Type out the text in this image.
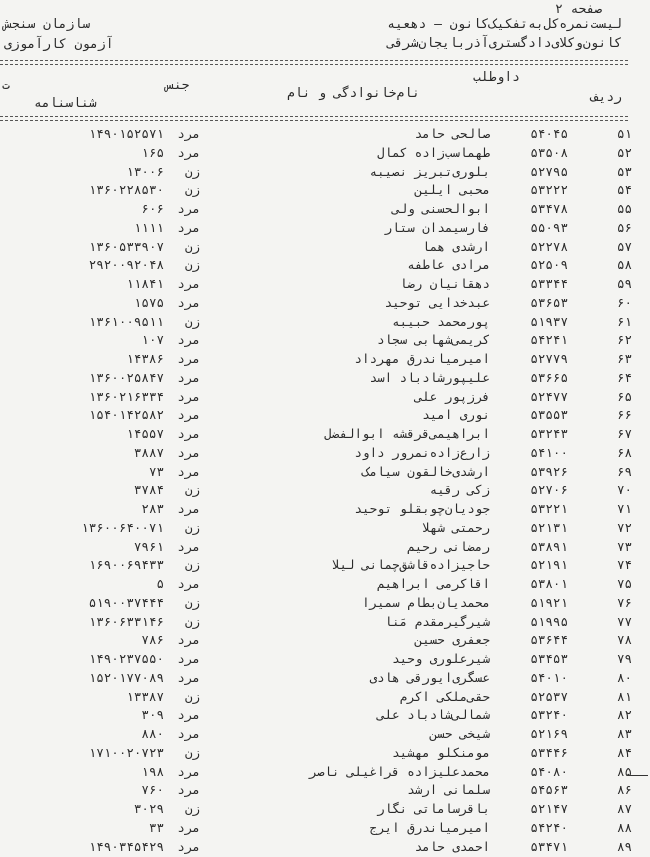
صفحه ۲
لیست‌نمره‌کل‌به‌تفکیک‌کانون – دهعیه
کانون‌وکلای‌دادگستری‌آذربایجان‌شرقی
سازمان سنجش
آزمون کارآموزی
داوطلب
ردیف
نام‌خانوادگی و نام
جنس
شناسنامه
ت
۵۱
۵۴۰۴۵
صالحی حامد
مرد
۱۴۹۰۱۵۲۵۷۱
۵۲
۵۳۵۰۸
طهماسب‌زاده کمال
مرد
۱۶۵
۵۳
۵۲۷۹۵
بلوری‌تبریز نصیبه
زن
۱۳۰۰۶
۵۴
۵۳۲۲۲
محبی ایلین
زن
۱۳۶۰۲۲۸۵۳۰
۵۵
۵۳۴۷۸
ابوالحسنی ولی
مرد
۶۰۶
۵۶
۵۵۰۹۳
فارسیمدان ستار
مرد
۱۱۱۱
۵۷
۵۲۲۷۸
ارشدی هما
زن
۱۳۶۰۵۳۳۹۰۷
۵۸
۵۲۵۰۹
مرادی عاطفه
زن
۲۹۲۰۰۹۲۰۴۸
۵۹
۵۳۳۴۴
دهقانیان رضا
مرد
۱۱۸۴۱
۶۰
۵۳۶۵۳
عبدخدایی توحید
مرد
۱۵۷۵
۶۱
۵۱۹۳۷
پورمحمد حبیبه
زن
۱۳۶۱۰۰۹۵۱۱
۶۲
۵۴۲۴۱
کریمی‌شهابی سجاد
مرد
۱۰۷
۶۳
۵۲۷۷۹
امیرمیاندرق مهرداد
مرد
۱۴۳۸۶
۶۴
۵۳۶۶۵
علیپورشادباد اسد
مرد
۱۳۶۰۰۲۵۸۴۷
۶۵
۵۲۴۷۷
فرزپور علی
مرد
۱۳۶۰۲۱۶۳۳۴
۶۶
۵۳۵۵۳
نوری امید
مرد
۱۵۴۰۱۴۲۵۸۲
۶۷
۵۳۲۴۳
ابراهیمی‌قرقشه ابوالفضل
مرد
۱۴۵۵۷
۶۸
۵۴۱۰۰
زارع‌زاده‌نمرور داود
مرد
۳۸۸۷
۶۹
۵۳۹۲۶
ارشدی‌خالقون سیامک
مرد
۷۳
۷۰
۵۲۷۰۶
زکی رقیه
زن
۳۷۸۴
۷۱
۵۳۲۲۱
جودیان‌چوبقلو توحید
مرد
۲۸۳
۷۲
۵۲۱۳۱
رحمتی شهلا
زن
۱۳۶۰۰۶۴۰۰۷۱
۷۳
۵۳۸۹۱
رمضانی رحیم
مرد
۷۹۶۱
۷۴
۵۲۱۹۱
حاجیزاده‌قاشق‌چمانی لیلا
زن
۱۶۹۰۰۶۹۴۳۳
۷۵
۵۳۸۰۱
اقاکرمی ابراهیم
مرد
۵
۷۶
۵۱۹۲۱
محمدیان‌بطام سمیرا
زن
۵۱۹۰۰۳۷۴۴۴
۷۷
۵۱۹۹۵
شیرگیرمقدم مَنا
زن
۱۳۶۰۶۳۳۱۴۶
۷۸
۵۳۶۴۴
جعفری حسین
مرد
۷۸۶
۷۹
۵۳۴۵۳
شیرعلوری وحید
مرد
۱۴۹۰۲۳۷۵۵۰
۸۰
۵۴۰۱۰
عسگری‌ایورقی هادی
مرد
۱۵۲۰۱۷۷۰۸۹
۸۱
۵۲۵۳۷
حقی‌ملکی اکرم
زن
۱۳۳۸۷
۸۲
۵۳۲۴۰
شمالی‌شادباد علی
مرد
۳۰۹
۸۳
۵۲۱۶۹
شیخی حسن
مرد
۸۸۰
۸۴
۵۳۴۴۶
مومنکلو مهشید
زن
۱۷۱۰۰۲۰۷۲۳
۸۵
۵۴۰۸۰
محمدعلیزاده قراغیلی ناصر
مرد
۱۹۸
۸۶
۵۴۵۶۳
سلمانی ارشد
مرد
۷۶۰
۸۷
۵۲۱۴۷
باقرساماتی نگار
زن
۳۰۲۹
۸۸
۵۴۲۴۰
امیرمیاندرق ایرج
مرد
۳۳
۸۹
۵۳۴۷۱
احمدی حامد
مرد
۱۴۹۰۳۴۵۴۲۹
